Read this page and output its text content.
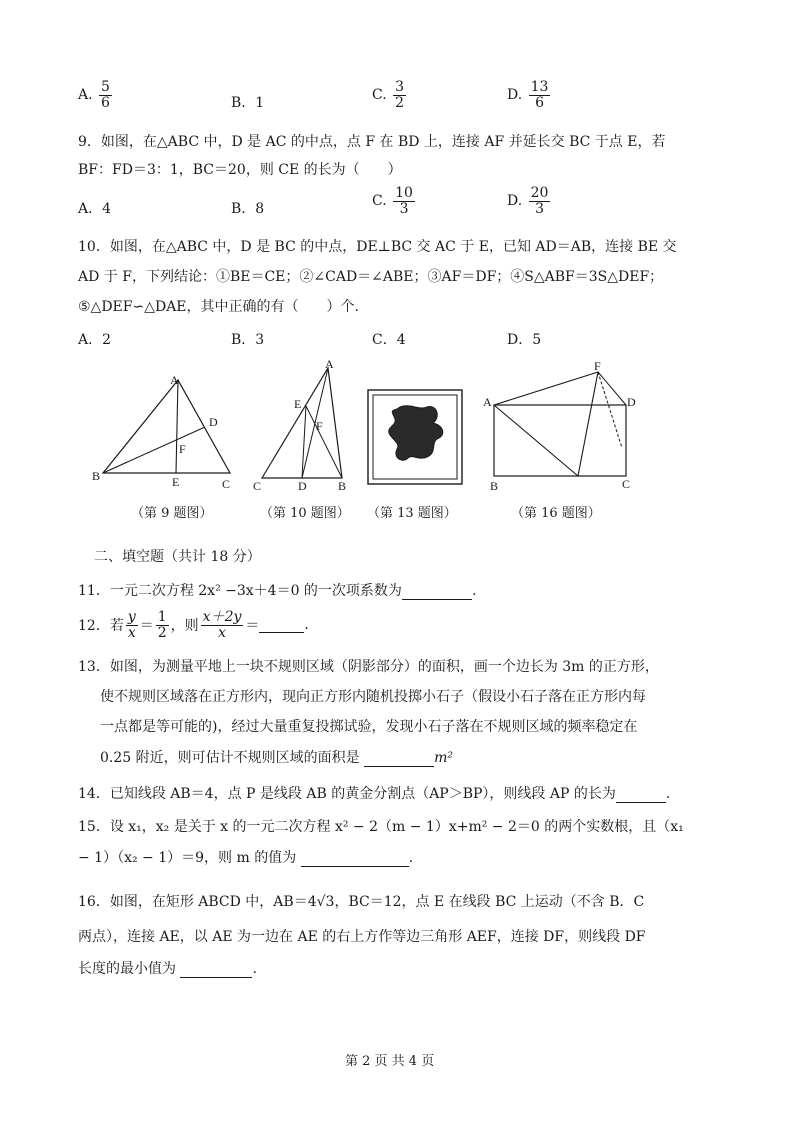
A. $\frac{5}{6}$	B．1	C. $\frac{3}{2}$	D. $\frac{13}{6}$
9．如图，在△ABC 中，D 是 AC 的中点，点 F 在 BD 上，连接 AF 并延长交 BC 于点 E，若
BF：FD＝3：1，BC＝20，则 CE 的长为（　　）
A．4	B．8	C. $\frac{10}{3}$	D. $\frac{20}{3}$
10．如图，在△ABC 中，D 是 BC 的中点，DE⊥BC 交 AC 于 E，已知 AD＝AB，连接 BE 交
AD 于 F，下列结论：①BE＝CE；②∠CAD＝∠ABE；③AF＝DF；④S△ABF＝3S△DEF；
⑤△DEF∽△DAE，其中正确的有（　　）个.
A．2	B．3	C．4	D．5
A
D
F
B	E	C
A
E
F
C	D	B
F
A	D
B	C
（第 9 题图）	（第 10 题图） （第 13 题图）	（第 16 题图）
二、填空题（共计 18 分）
11．一元二次方程 2x² −3x＋4＝0 的一次项系数为	.
12．若 $\frac{y}{x} = \frac{1}{2}$ ，则 $\frac{x+2y}{x}$ ＝	.
13．如图，为测量平地上一块不规则区域（阴影部分）的面积，画一个边长为 3m 的正方形，
使不规则区域落在正方形内，现向正方形内随机投掷小石子（假设小石子落在正方形内每
一点都是等可能的)，经过大量重复投掷试验，发现小石子落在不规则区域的频率稳定在
0.25 附近，则可估计不规则区域的面积是	m²
14．已知线段 AB＝4，点 P 是线段 AB 的黄金分割点（AP＞BP），则线段 AP 的长为	.
15．设 x₁，x₂ 是关于 x 的一元二次方程 x² − 2（m − 1）x+m² − 2＝0 的两个实数根，且（x₁
− 1）（x₂ − 1）＝9，则 m 的值为	.
16．如图，在矩形 ABCD 中，AB＝4√3，BC＝12，点 E 在线段 BC 上运动（不含 B．C
两点），连接 AE，以 AE 为一边在 AE 的右上方作等边三角形 AEF，连接 DF，则线段 DF
长度的最小值为	.
第 2 页 共 4 页
